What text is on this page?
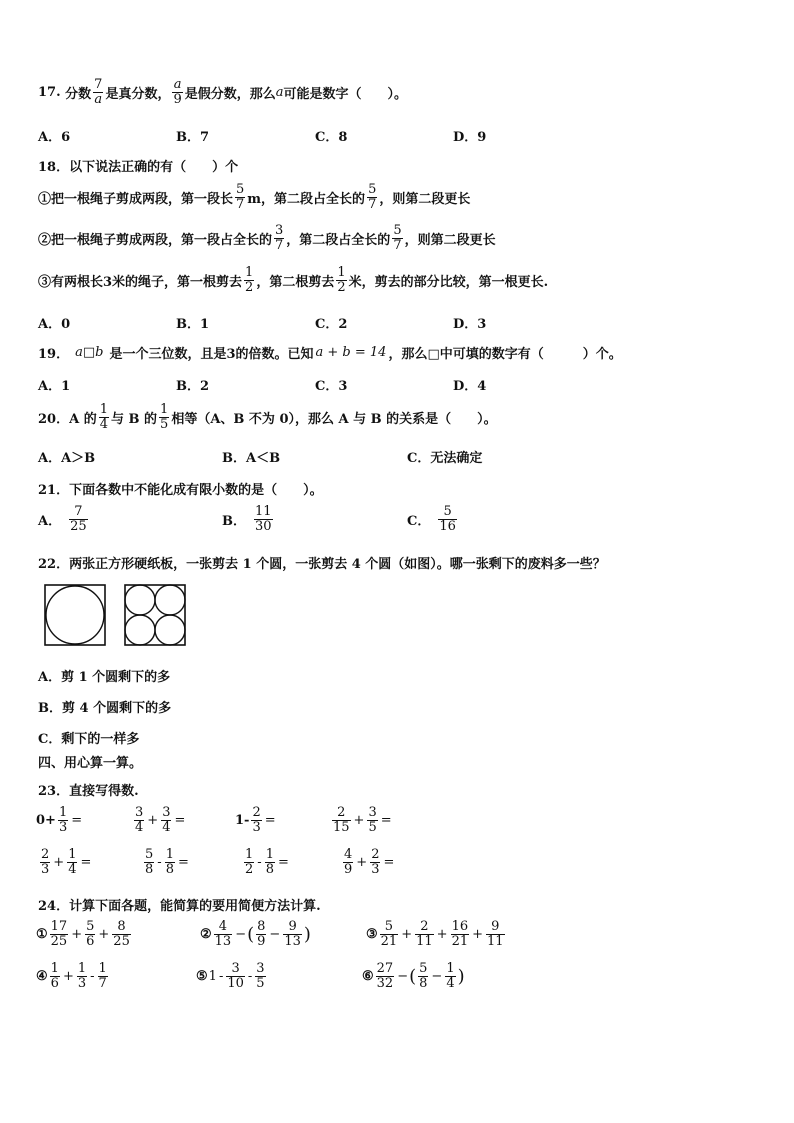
17.
分数 $\frac{7}{a}$ 是真分数， $\frac{a}{9}$ 是假分数，那么 a 可能是数字（　　）。
A．6	B．7	C．8	D．9
18．以下说法正确的有（　　）个
①把一根绳子剪成两段，第一段长 $\frac{5}{7}$ m，第二段占全长的 $\frac{5}{7}$ ，则第二段更长
②把一根绳子剪成两段，第一段占全长的 $\frac{3}{7}$ ，第二段占全长的 $\frac{5}{7}$ ，则第二段更长
③有两根长3米的绳子，第一根剪去 $\frac{1}{2}$ ，第二根剪去 $\frac{1}{2}$ 米，剪去的部分比较，第一根更长.
A．0	B．1	C．2	D．3
19． a□b 是一个三位数，且是3的倍数。已知 a + b = 14 ，那么□中可填的数字有（　　　）个。
A．1	B．2	C．3	D．4
20．A 的 $\frac{1}{4}$ 与 B 的 $\frac{1}{5}$ 相等（A、B 不为 0），那么 A 与 B 的关系是（　　）。
A．A＞B	B．A＜B	C．无法确定
21．下面各数中不能化成有限小数的是（　　）。
A． $\frac{7}{25}$	B． $\frac{11}{30}$	C． $\frac{5}{16}$
22．两张正方形硬纸板，一张剪去 1 个圆，一张剪去 4 个圆（如图）。哪一张剩下的废料多一些？
A．剪 1 个圆剩下的多
B．剪 4 个圆剩下的多
C．剩下的一样多
四、用心算一算。
23．直接写得数.
$0+ \frac{1}{3}$ =	$\frac{3}{4} + \frac{3}{4}$ =	$1- \frac{2}{3}$ =	$\frac{2}{15} + \frac{3}{5}$ =
$\frac{2}{3} + \frac{1}{4}$ =	$\frac{5}{8} - \frac{1}{8}$ =	$\frac{1}{2} - \frac{1}{8}$ =	$\frac{4}{9} + \frac{2}{3}$ =
24．计算下面各题，能简算的要用简便方法计算.
① $\frac{17}{25} + \frac{5}{6} + \frac{8}{25}$	② $\frac{4}{13}$ − ( $\frac{8}{9} - \frac{9}{13}$ )	③ $\frac{5}{21} + \frac{2}{11} + \frac{16}{21} + \frac{9}{11}$
④ $\frac{1}{6} + \frac{1}{3} - \frac{1}{7}$	⑤ $1 - \frac{3}{10} - \frac{3}{5}$	⑥ $\frac{27}{32}$ − ( $\frac{5}{8} - \frac{1}{4}$ )
